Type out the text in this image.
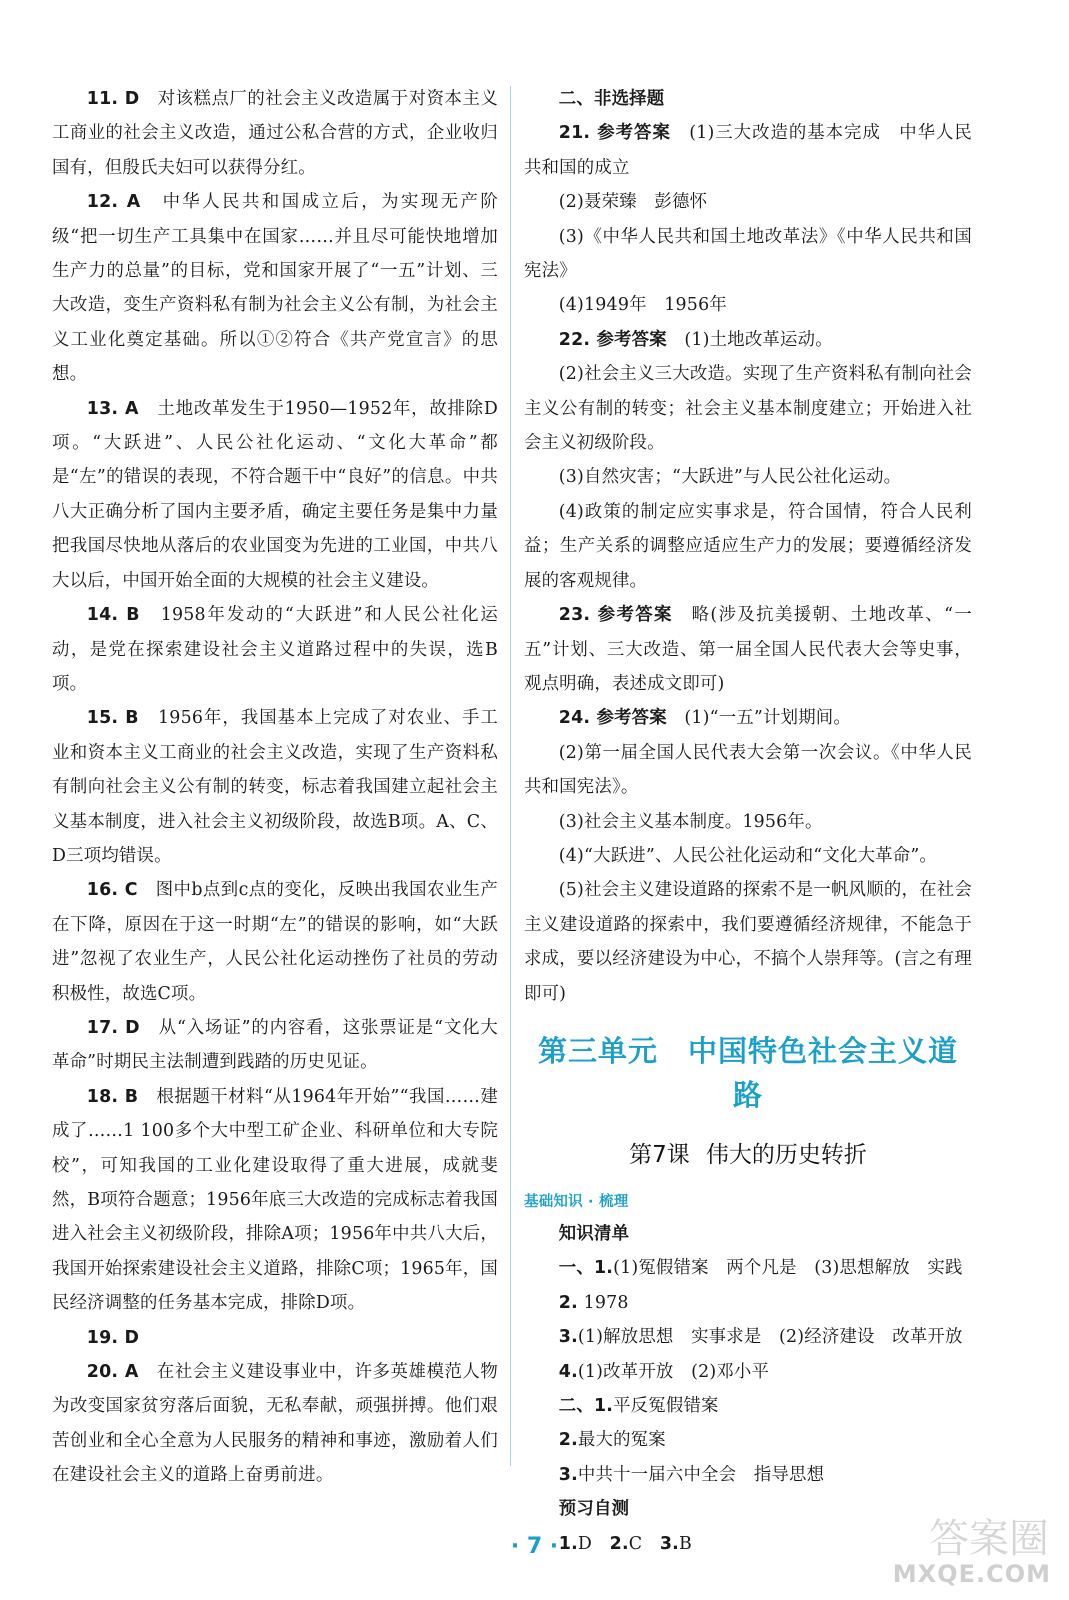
11. D　 对该糕点厂的社会主义改造属于对资本主义工商业的社会主义改造，通过公私合营的方式，企业收归国有，但殷氏夫妇可以获得分红。

12. A　 中华人民共和国成立后，为实现无产阶级“把一切生产工具集中在国家……并且尽可能快地增加生产力的总量”的目标，党和国家开展了“一五”计划、三大改造，变生产资料私有制为社会主义公有制，为社会主义工业化奠定基础。所以①②符合《共产党宣言》的思想。

13. A　 土地改革发生于1950—1952年，故排除D项。“大跃进”、人民公社化运动、“文化大革命”都是“左”的错误的表现，不符合题干中“良好”的信息。中共八大正确分析了国内主要矛盾，确定主要任务是集中力量把我国尽快地从落后的农业国变为先进的工业国，中共八大以后，中国开始全面的大规模的社会主义建设。

14. B　 1958年发动的“大跃进”和人民公社化运动，是党在探索建设社会主义道路过程中的失误，选B项。

15. B　 1956年，我国基本上完成了对农业、手工业和资本主义工商业的社会主义改造，实现了生产资料私有制向社会主义公有制的转变，标志着我国建立起社会主义基本制度，进入社会主义初级阶段，故选B项。A、C、D三项均错误。

16. C　 图中b点到c点的变化，反映出我国农业生产在下降，原因在于这一时期“左”的错误的影响，如“大跃进”忽视了农业生产，人民公社化运动挫伤了社员的劳动积极性，故选C项。

17. D　 从“入场证”的内容看，这张票证是“文化大革命”时期民主法制遭到践踏的历史见证。

18. B　 根据题干材料“从1964年开始”“我国……建成了……1 100多个大中型工矿企业、科研单位和大专院校”，可知我国的工业化建设取得了重大进展，成就斐然，B项符合题意；1956年底三大改造的完成标志着我国进入社会主义初级阶段，排除A项；1956年中共八大后，我国开始探索建设社会主义道路，排除C项；1965年，国民经济调整的任务基本完成，排除D项。

19. D

20. A　 在社会主义建设事业中，许多英雄模范人物为改变国家贫穷落后面貌，无私奉献，顽强拼搏。他们艰苦创业和全心全意为人民服务的精神和事迹，激励着人们在建设社会主义的道路上奋勇前进。

二、非选择题

21. 参考答案　 (1)三大改造的基本完成　中华人民共和国的成立

(2)聂荣臻　彭德怀

(3)《中华人民共和国土地改革法》《中华人民共和国宪法》

(4)1949年　1956年

22. 参考答案　 (1)土地改革运动。

(2)社会主义三大改造。实现了生产资料私有制向社会主义公有制的转变；社会主义基本制度建立；开始进入社会主义初级阶段。

(3)自然灾害；“大跃进”与人民公社化运动。

(4)政策的制定应实事求是，符合国情，符合人民利益；生产关系的调整应适应生产力的发展；要遵循经济发展的客观规律。

23. 参考答案　 略(涉及抗美援朝、土地改革、“一五”计划、三大改造、第一届全国人民代表大会等史事，观点明确，表述成文即可)

24. 参考答案　 (1)“一五”计划期间。

(2)第一届全国人民代表大会第一次会议。《中华人民共和国宪法》。

(3)社会主义基本制度。1956年。

(4)“大跃进”、人民公社化运动和“文化大革命”。

(5)社会主义建设道路的探索不是一帆风顺的，在社会主义建设道路的探索中，我们要遵循经济规律，不能急于求成，要以经济建设为中心，不搞个人崇拜等。(言之有理即可)

第三单元　中国特色社会主义道路
第7课 伟大的历史转折

基础知识 · 梳理

知识清单

一、1.(1)冤假错案　两个凡是　(3)思想解放　实践

2. 1978

3.(1)解放思想　实事求是　(2)经济建设　改革开放

4.(1)改革开放　(2)邓小平

二、1.平反冤假错案

2.最大的冤案

3.中共十一届六中全会　指导思想

预习自测

1.D　 2.C　 3.B

· 7 ·	答案圈
MXQE.COM
